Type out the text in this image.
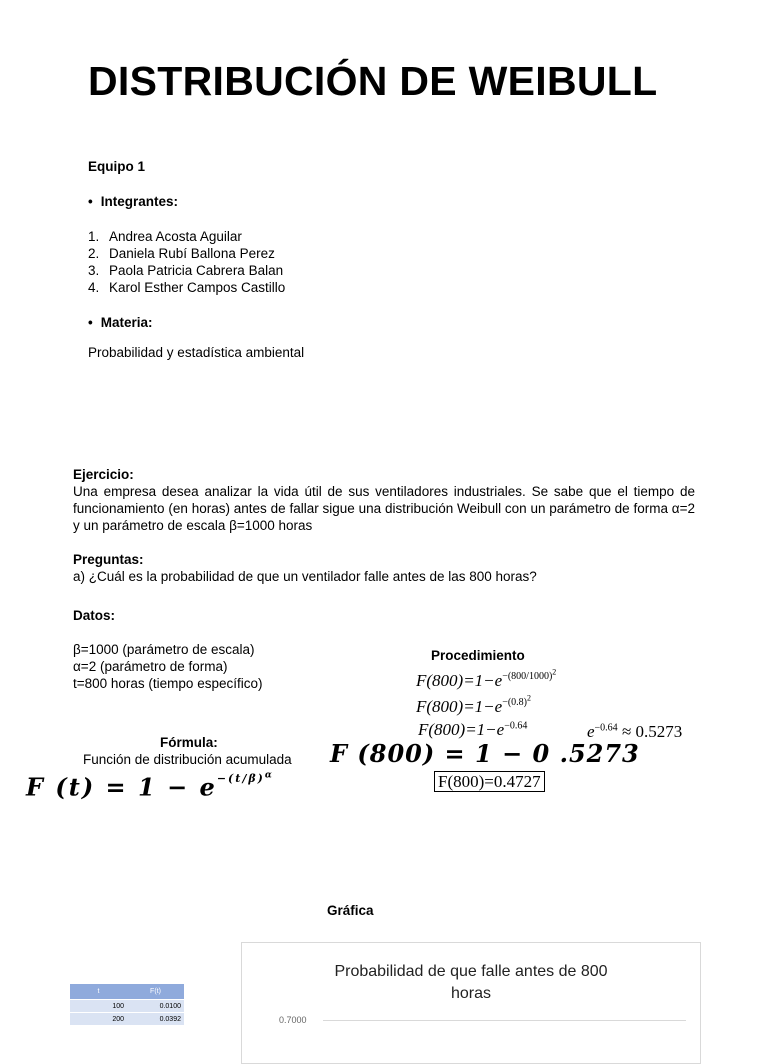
DISTRIBUCIÓN DE WEIBULL
Equipo 1
• Integrantes:
1. Andrea Acosta Aguilar
2. Daniela Rubí Ballona Perez
3. Paola Patricia Cabrera Balan
4. Karol Esther Campos Castillo
• Materia:
Probabilidad y estadística ambiental
Ejercicio:
Una empresa desea analizar la vida útil de sus ventiladores industriales. Se sabe que el tiempo de funcionamiento (en horas) antes de fallar sigue una distribución Weibull con un parámetro de forma α=2 y un parámetro de escala β=1000 horas
Preguntas:
a) ¿Cuál es la probabilidad de que un ventilador falle antes de las 800 horas?
Datos:
β=1000 (parámetro de escala)
α=2 (parámetro de forma)
t=800 horas (tiempo específico)
Fórmula:
Función de distribución acumulada
F $(t) = 1 - e^{-(t/\beta)^\alpha}$
Procedimiento
$F(800)=1-e^{-(800/1000)^2}$
$F(800)=1-e^{-(0.8)^2}$
$F(800)=1-e^{-0.64}$	$e^{-0.64} \approx 0.5273$
F (800) = 1 − 0 .5273
F(800)=0.4727
Gráfica
Probabilidad de que falle antes de 800
horas
0.7000
t	F(t)
100	0.0100
200	0.0392
